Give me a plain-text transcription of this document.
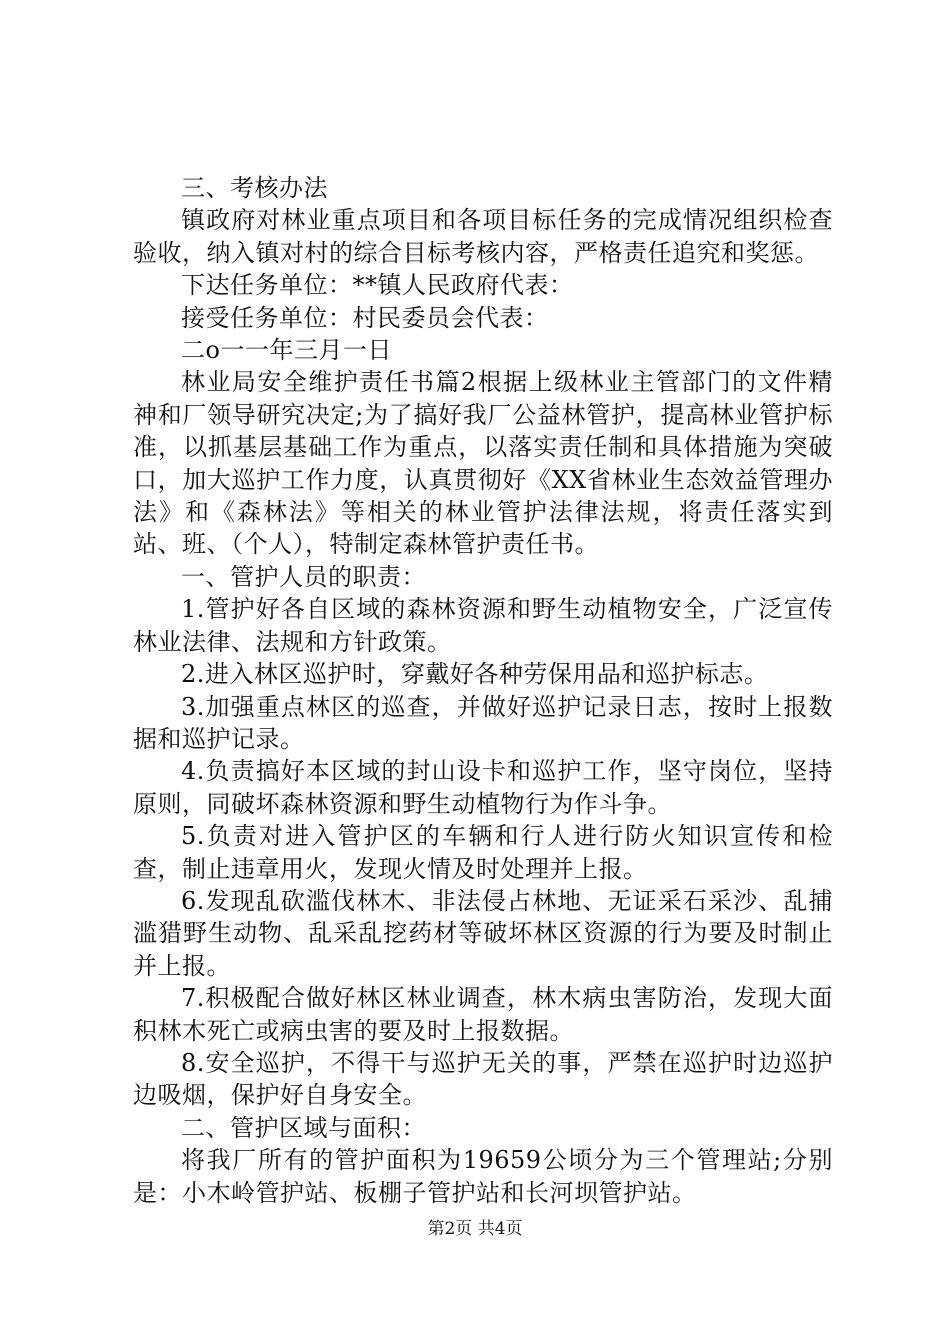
三、考核办法

镇政府对林业重点项目和各项目标任务的完成情况组织检查验收，纳入镇对村的综合目标考核内容，严格责任追究和奖惩。

下达任务单位：**镇人民政府代表：

接受任务单位：村民委员会代表：

二o一一年三月一日

林业局安全维护责任书篇2根据上级林业主管部门的文件精神和厂领导研究决定;为了搞好我厂公益林管护，提高林业管护标准，以抓基层基础工作为重点，以落实责任制和具体措施为突破口，加大巡护工作力度，认真贯彻好《XX省林业生态效益管理办法》和《森林法》等相关的林业管护法律法规，将责任落实到站、班、（个人），特制定森林管护责任书。

一、管护人员的职责：

1.管护好各自区域的森林资源和野生动植物安全，广泛宣传林业法律、法规和方针政策。

2.进入林区巡护时，穿戴好各种劳保用品和巡护标志。

3.加强重点林区的巡查，并做好巡护记录日志，按时上报数据和巡护记录。

4.负责搞好本区域的封山设卡和巡护工作，坚守岗位，坚持原则，同破坏森林资源和野生动植物行为作斗争。

5.负责对进入管护区的车辆和行人进行防火知识宣传和检查，制止违章用火，发现火情及时处理并上报。

6.发现乱砍滥伐林木、非法侵占林地、无证采石采沙、乱捕滥猎野生动物、乱采乱挖药材等破坏林区资源的行为要及时制止并上报。

7.积极配合做好林区林业调查，林木病虫害防治，发现大面积林木死亡或病虫害的要及时上报数据。

8.安全巡护，不得干与巡护无关的事，严禁在巡护时边巡护边吸烟，保护好自身安全。

二、管护区域与面积：

将我厂所有的管护面积为19659公顷分为三个管理站;分别是：小木岭管护站、板棚子管护站和长河坝管护站。

第2页 共4页
